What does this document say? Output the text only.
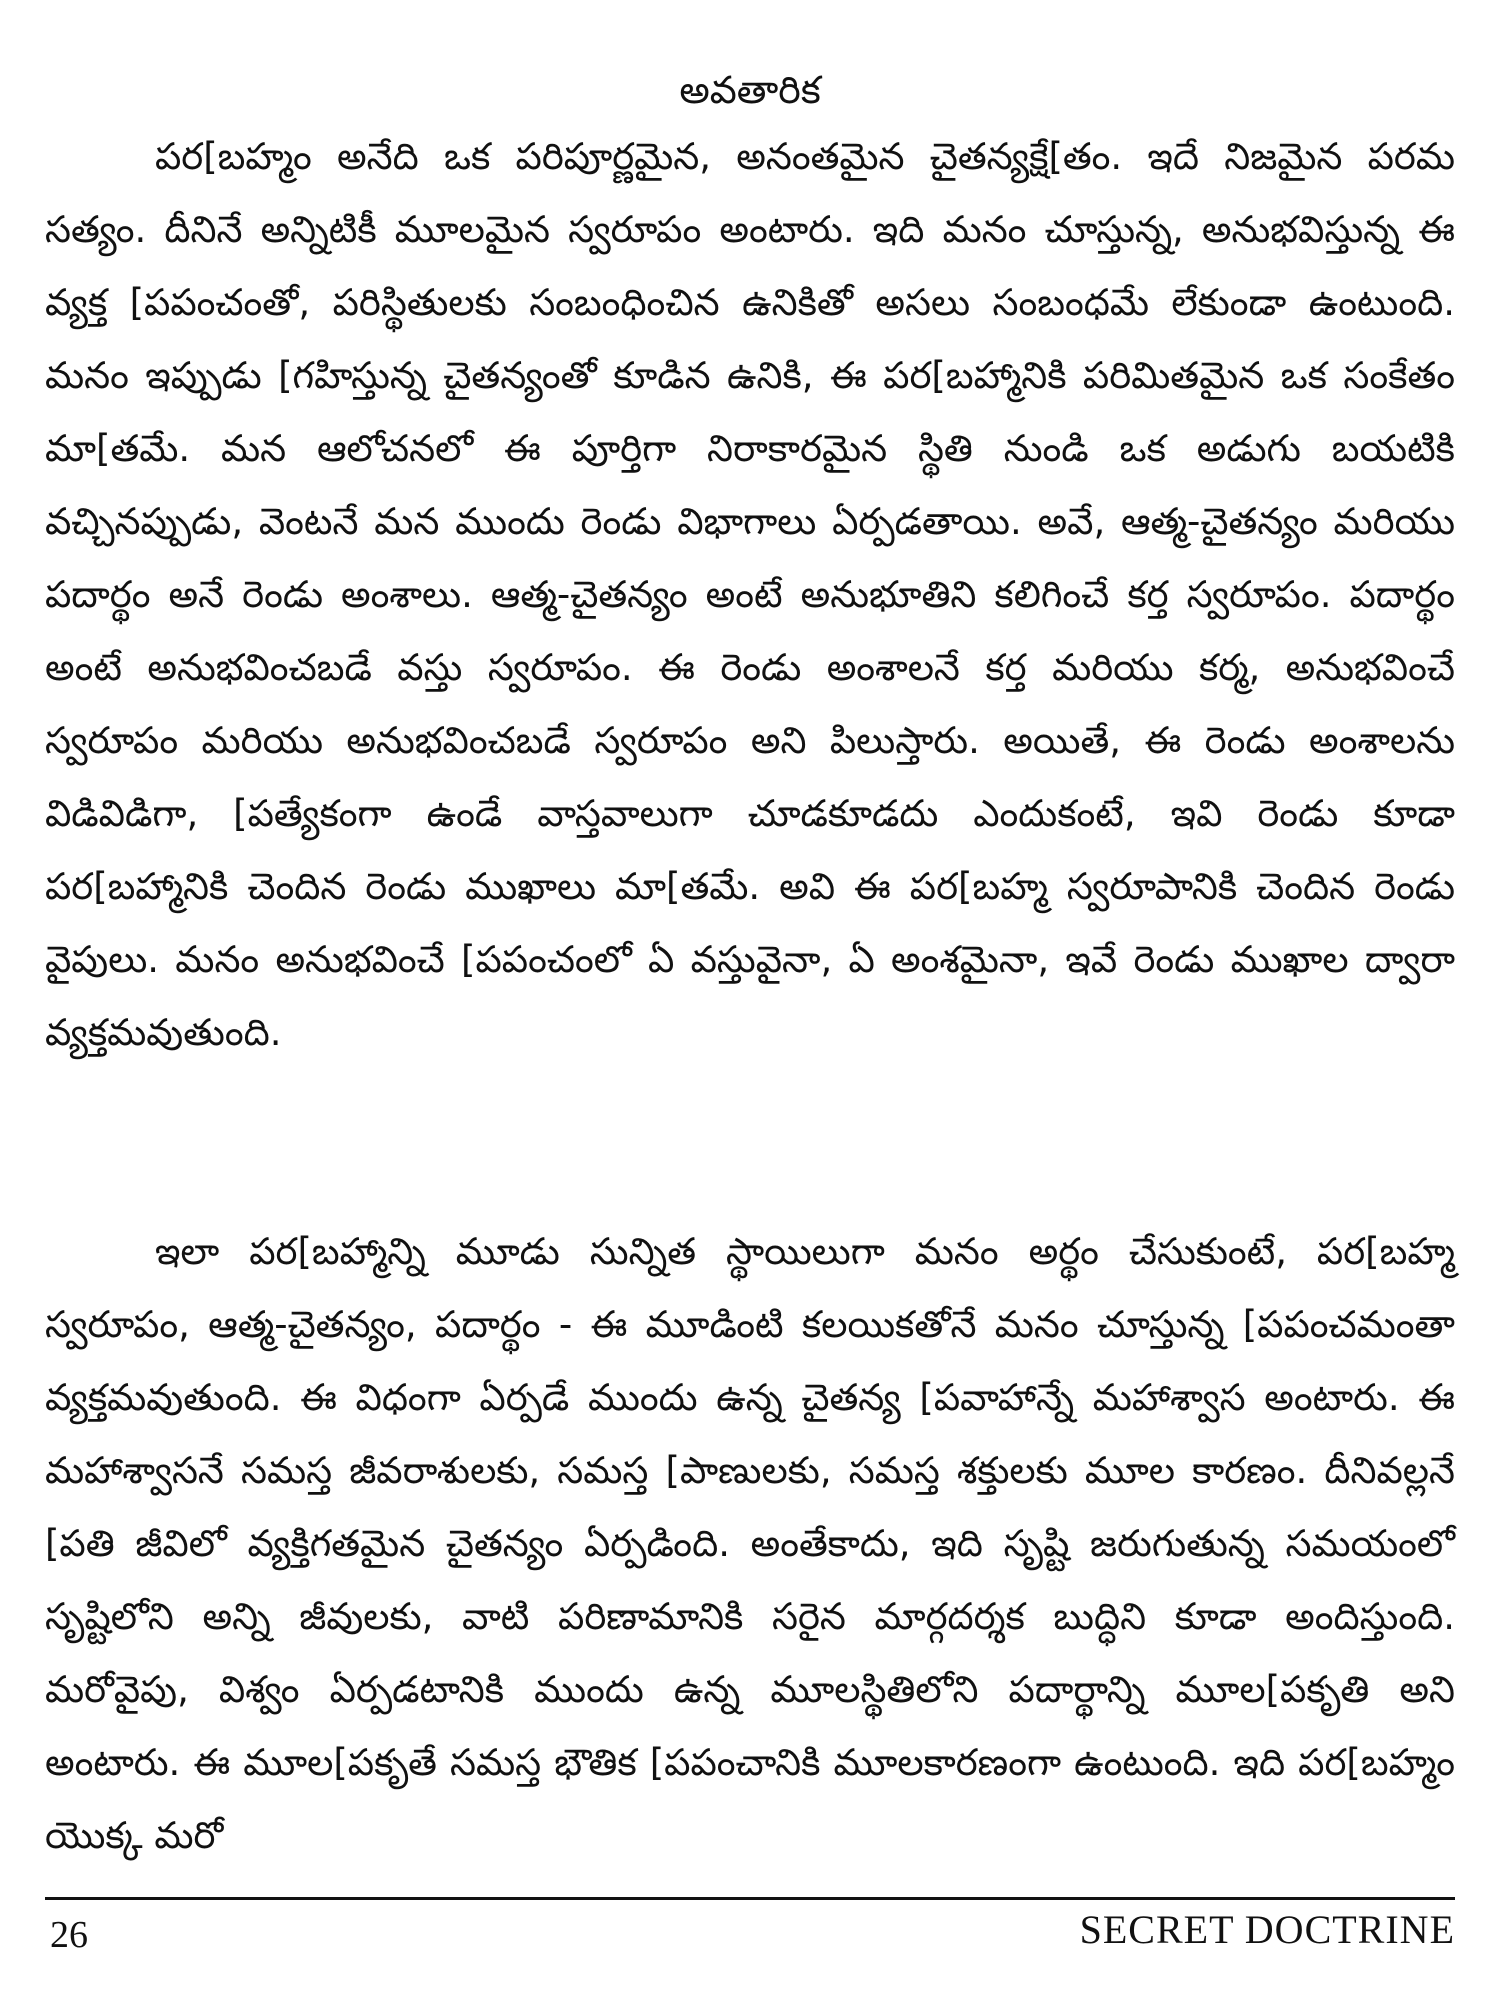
అవతారిక

పర[బహ్మం అనేది ఒక పరిపూర్ణమైన, అనంతమైన చైతన్యక్షే[తం. ఇదే నిజమైన పరమ సత్యం. దీనినే అన్నిటికీ మూలమైన స్వరూపం అంటారు. ఇది మనం చూస్తున్న, అనుభవిస్తున్న ఈ వ్యక్త [పపంచంతో, పరిస్థితులకు సంబంధించిన ఉనికితో అసలు సంబంధమే లేకుండా ఉంటుంది. మనం ఇప్పుడు [గహిస్తున్న చైతన్యంతో కూడిన ఉనికి, ఈ పర[బహ్మానికి పరిమితమైన ఒక సంకేతం మా[తమే. మన ఆలోచనలో ఈ పూర్తిగా నిరాకారమైన స్థితి నుండి ఒక అడుగు బయటికి వచ్చినప్పుడు, వెంటనే మన ముందు రెండు విభాగాలు ఏర్పడతాయి. అవే, ఆత్మ-చైతన్యం మరియు పదార్థం అనే రెండు అంశాలు. ఆత్మ-చైతన్యం అంటే అనుభూతిని కలిగించే కర్త స్వరూపం. పదార్థం అంటే అనుభవించబడే వస్తు స్వరూపం. ఈ రెండు అంశాలనే కర్త మరియు కర్మ, అనుభవించే స్వరూపం మరియు అనుభవించబడే స్వరూపం అని పిలుస్తారు. అయితే, ఈ రెండు అంశాలను విడివిడిగా, [పత్యేకంగా ఉండే వాస్తవాలుగా చూడకూడదు ఎందుకంటే, ఇవి రెండు కూడా పర[బహ్మానికి చెందిన రెండు ముఖాలు మా[తమే. అవి ఈ పర[బహ్మ స్వరూపానికి చెందిన రెండు వైపులు. మనం అనుభవించే [పపంచంలో ఏ వస్తువైనా, ఏ అంశమైనా, ఇవే రెండు ముఖాల ద్వారా వ్యక్తమవుతుంది.

ఇలా పర[బహ్మాన్ని మూడు సున్నిత స్థాయిలుగా మనం అర్థం చేసుకుంటే, పర[బహ్మ స్వరూపం, ఆత్మ-చైతన్యం, పదార్థం - ఈ మూడింటి కలయికతోనే మనం చూస్తున్న [పపంచమంతా వ్యక్తమవుతుంది. ఈ విధంగా ఏర్పడే ముందు ఉన్న చైతన్య [పవాహాన్నే మహాశ్వాస అంటారు. ఈ మహాశ్వాసనే సమస్త జీవరాశులకు, సమస్త [పాణులకు, సమస్త శక్తులకు మూల కారణం. దీనివల్లనే [పతి జీవిలో వ్యక్తిగతమైన చైతన్యం ఏర్పడింది. అంతేకాదు, ఇది సృష్టి జరుగుతున్న సమయంలో సృష్టిలోని అన్ని జీవులకు, వాటి పరిణామానికి సరైన మార్గదర్శక బుద్ధిని కూడా అందిస్తుంది. మరోవైపు, విశ్వం ఏర్పడటానికి ముందు ఉన్న మూలస్థితిలోని పదార్థాన్ని మూల[పకృతి అని అంటారు. ఈ మూల[పకృతే సమస్త భౌతిక [పపంచానికి మూలకారణంగా ఉంటుంది. ఇది పర[బహ్మం యొక్క మరో

26	SECRET DOCTRINE
